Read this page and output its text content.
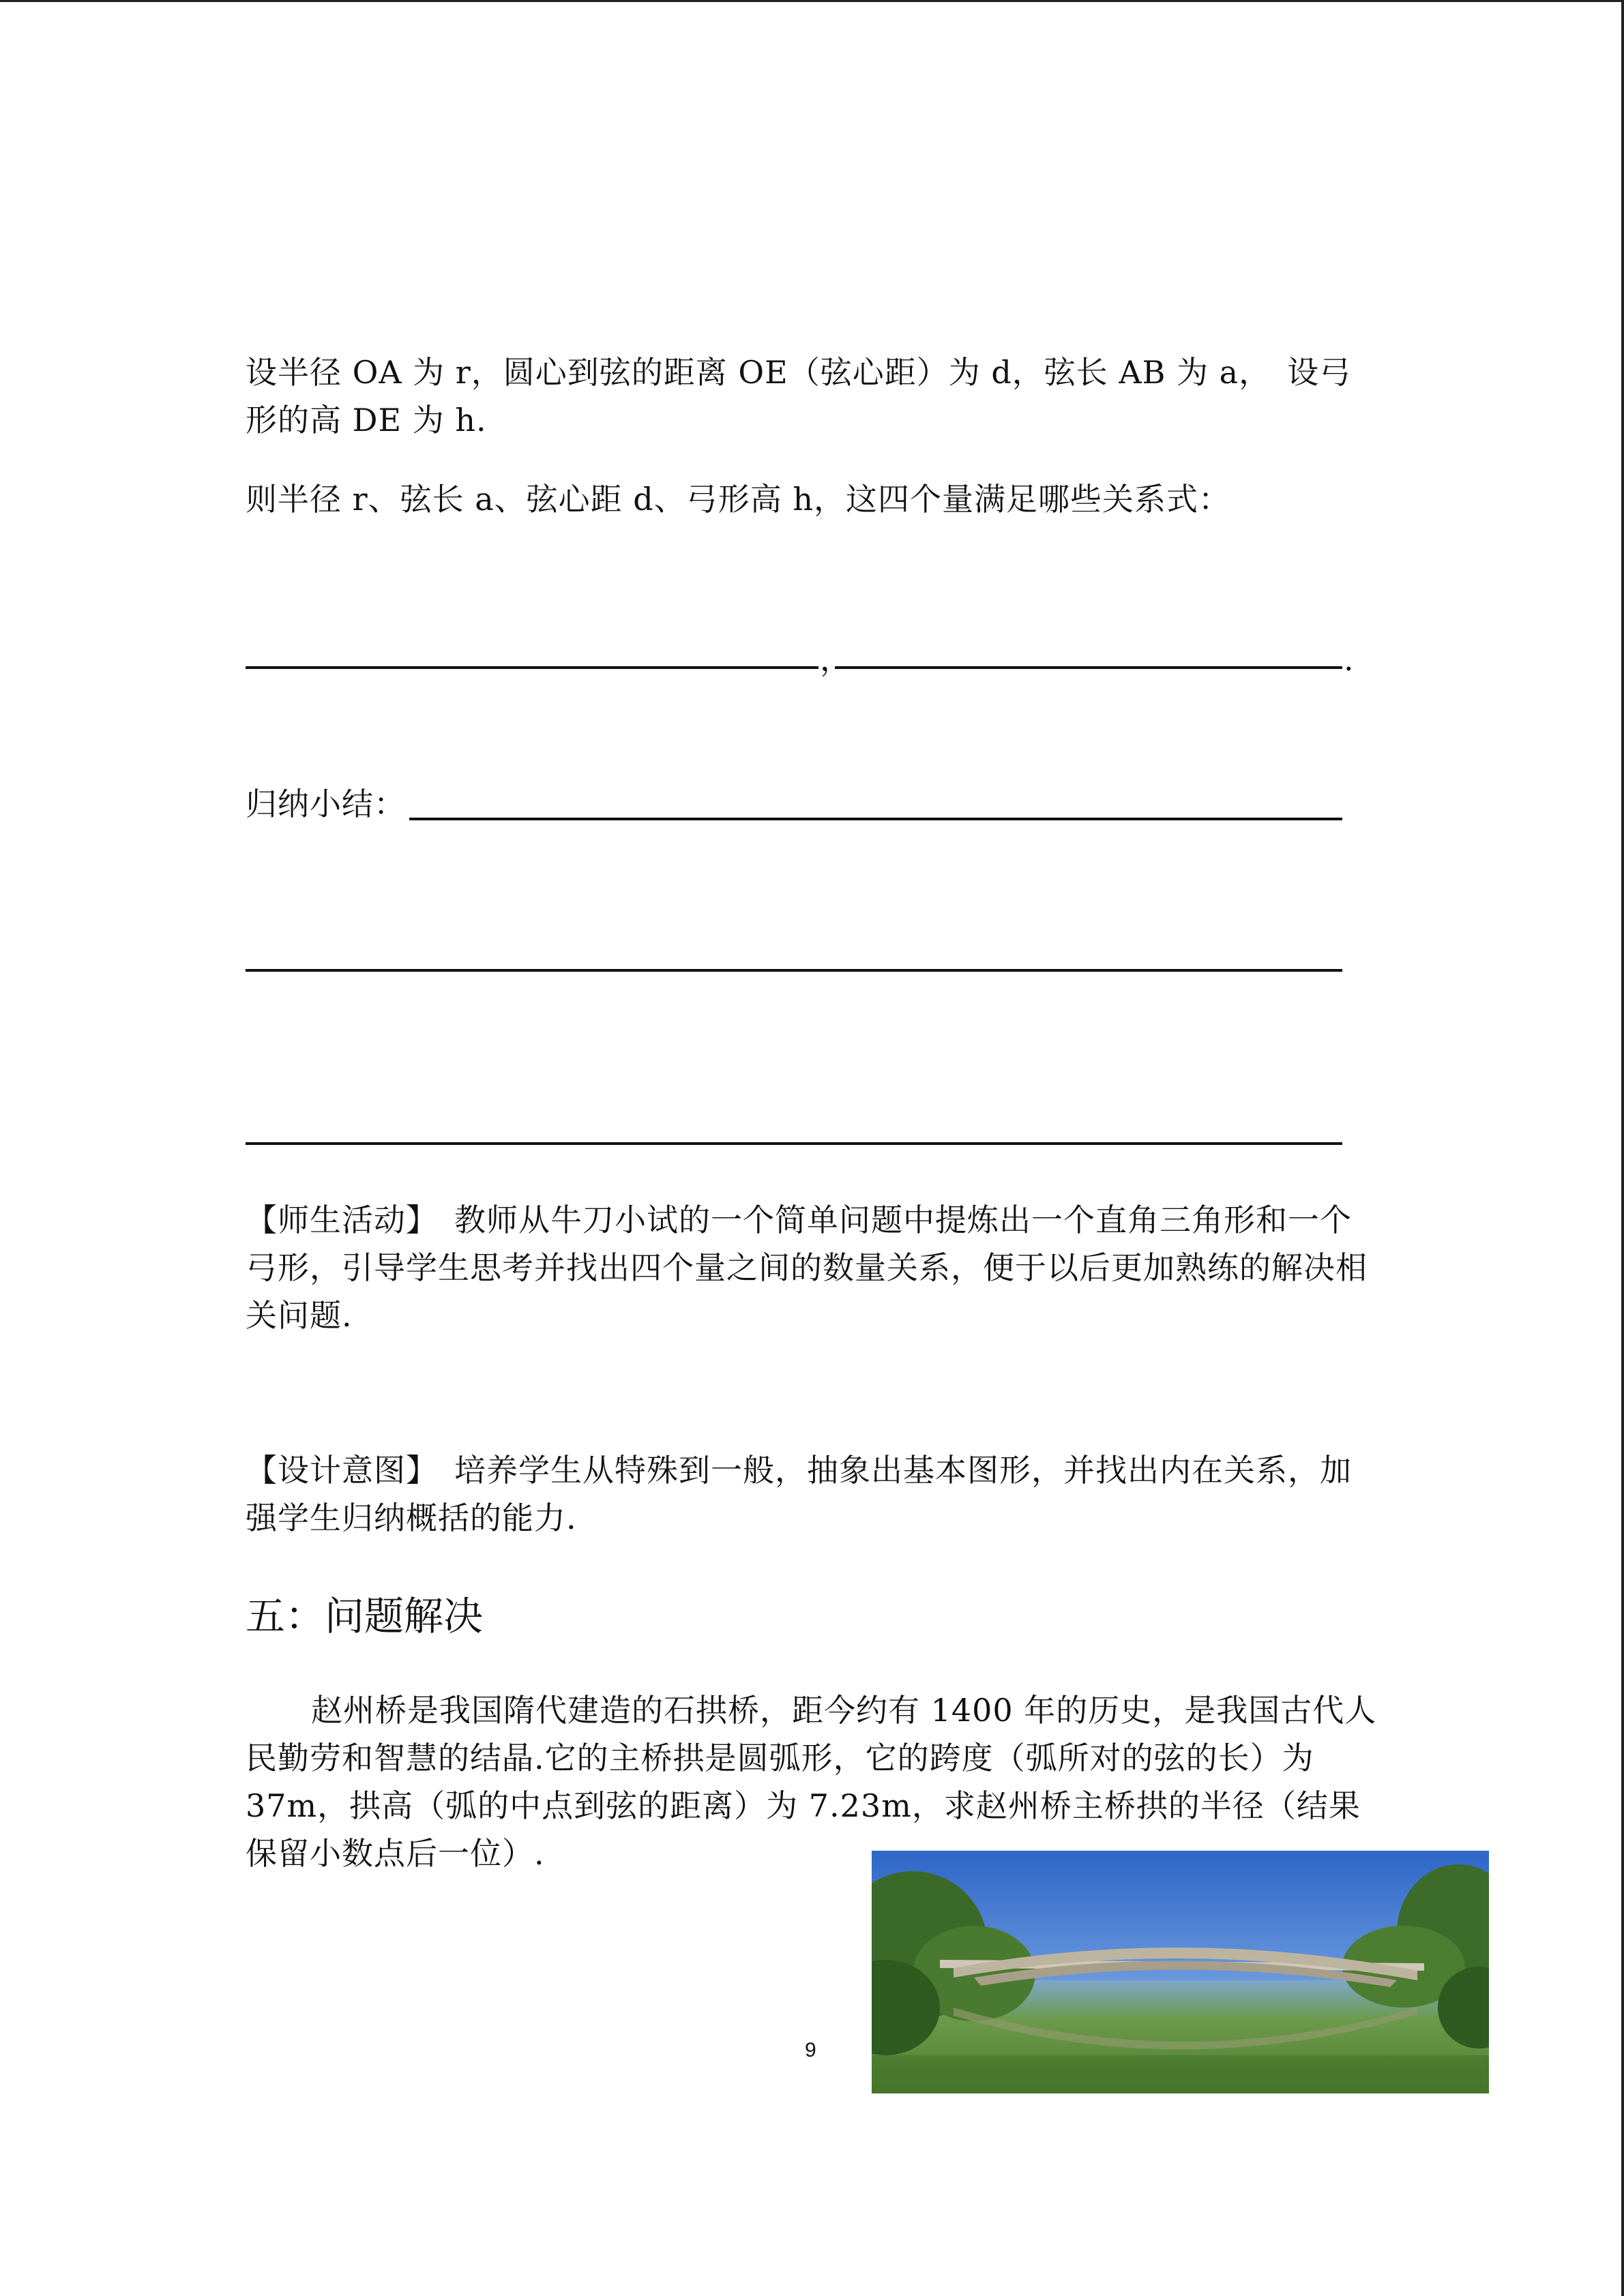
设半径 OA 为 r，圆心到弦的距离 OE（弦心距）为 d，弦长 AB 为 a，　设弓形的高 DE 为 h.

则半径 r、弦长 a、弦心距 d、弓形高 h，这四个量满足哪些关系式：

，	.

归纳小结：

【师生活动】　教师从牛刀小试的一个简单问题中提炼出一个直角三角形和一个弓形，引导学生思考并找出四个量之间的数量关系，便于以后更加熟练的解决相关问题.

【设计意图】　培养学生从特殊到一般，抽象出基本图形，并找出内在关系，加强学生归纳概括的能力.

五：问题解决

赵州桥是我国隋代建造的石拱桥，距今约有 1400 年的历史，是我国古代人民勤劳和智慧的结晶.它的主桥拱是圆弧形，它的跨度（弧所对的弦的长）为 37m，拱高（弧的中点到弦的距离）为 7.23m，求赵州桥主桥拱的半径（结果保留小数点后一位）.

9
